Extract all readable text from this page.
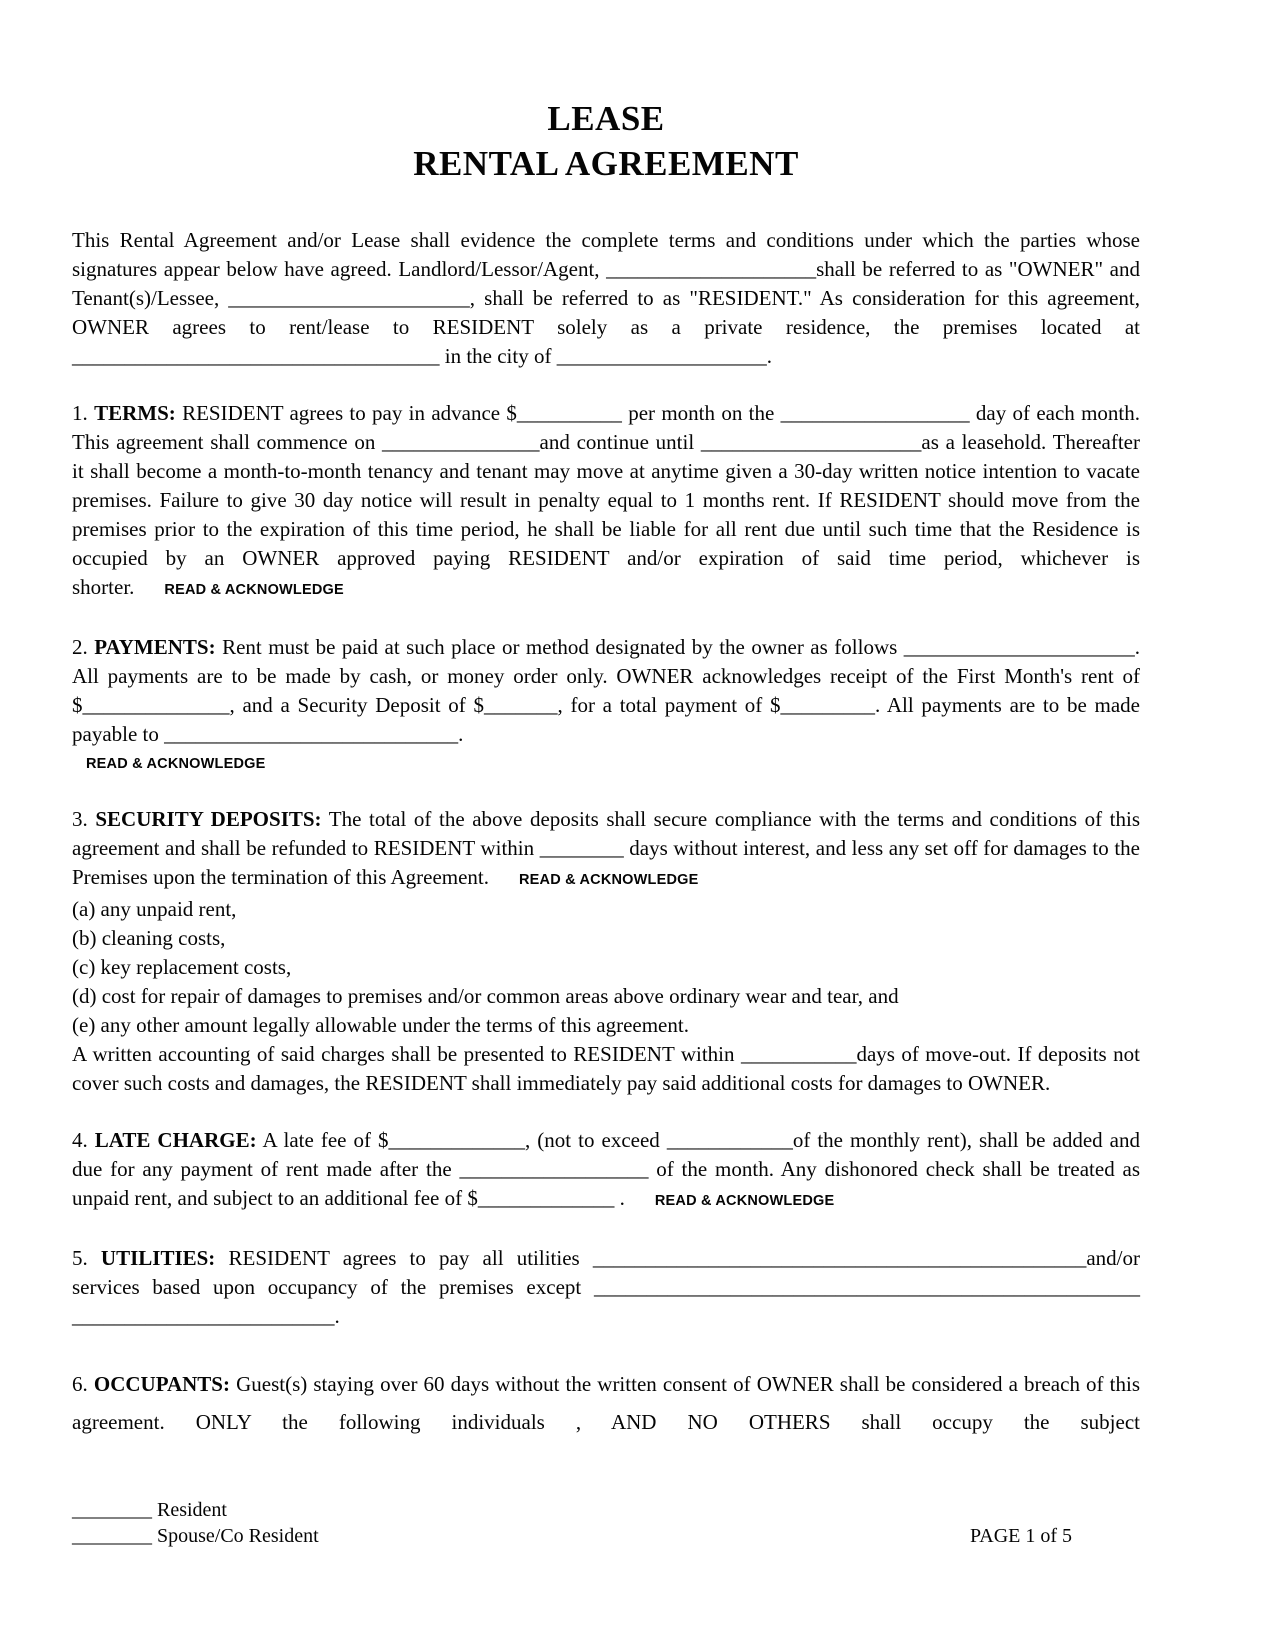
LEASE
RENTAL AGREEMENT

This Rental Agreement and/or Lease shall evidence the complete terms and conditions under which the parties whose signatures appear below have agreed. Landlord/Lessor/Agent, ____________________shall be referred to as "OWNER" and Tenant(s)/Lessee, _______________________, shall be referred to as "RESIDENT." As consideration for this agreement, OWNER agrees to rent/lease to RESIDENT solely as a private residence, the premises located at ___________________________________ in the city of ____________________.

1. TERMS: RESIDENT agrees to pay in advance $__________ per month on the __________________ day of each month. This agreement shall commence on _______________and continue until _____________________as a leasehold. Thereafter it shall become a month-to-month tenancy and tenant may move at anytime given a 30-day written notice intention to vacate premises. Failure to give 30 day notice will result in penalty equal to 1 months rent. If RESIDENT should move from the premises prior to the expiration of this time period, he shall be liable for all rent due until such time that the Residence is occupied by an OWNER approved paying RESIDENT and/or expiration of said time period, whichever is shorter. READ & ACKNOWLEDGE

2. PAYMENTS: Rent must be paid at such place or method designated by the owner as follows ______________________. All payments are to be made by cash, or money order only. OWNER acknowledges receipt of the First Month's rent of $______________, and a Security Deposit of $_______, for a total payment of $_________. All payments are to be made payable to ____________________________.

READ & ACKNOWLEDGE
3. SECURITY DEPOSITS: The total of the above deposits shall secure compliance with the terms and conditions of this agreement and shall be refunded to RESIDENT within ________ days without interest, and less any set off for damages to the Premises upon the termination of this Agreement. READ & ACKNOWLEDGE
(a) any unpaid rent,
(b) cleaning costs,
(c) key replacement costs,
(d) cost for repair of damages to premises and/or common areas above ordinary wear and tear, and
(e) any other amount legally allowable under the terms of this agreement.
A written accounting of said charges shall be presented to RESIDENT within ___________days of move-out. If deposits not cover such costs and damages, the RESIDENT shall immediately pay said additional costs for damages to OWNER.

4. LATE CHARGE: A late fee of $_____________, (not to exceed ____________of the monthly rent), shall be added and due for any payment of rent made after the __________________ of the month. Any dishonored check shall be treated as unpaid rent, and subject to an additional fee of $_____________ . READ & ACKNOWLEDGE

5. UTILITIES: RESIDENT agrees to pay all utilities _______________________________________________and/or services based upon occupancy of the premises except ____________________________________________________ _________________________.

6. OCCUPANTS: Guest(s) staying over 60 days without the written consent of OWNER shall be considered a breach of this agreement. ONLY the following individuals , AND NO OTHERS shall occupy the subject

________ Resident
________ Spouse/Co Resident	PAGE 1 of 5
